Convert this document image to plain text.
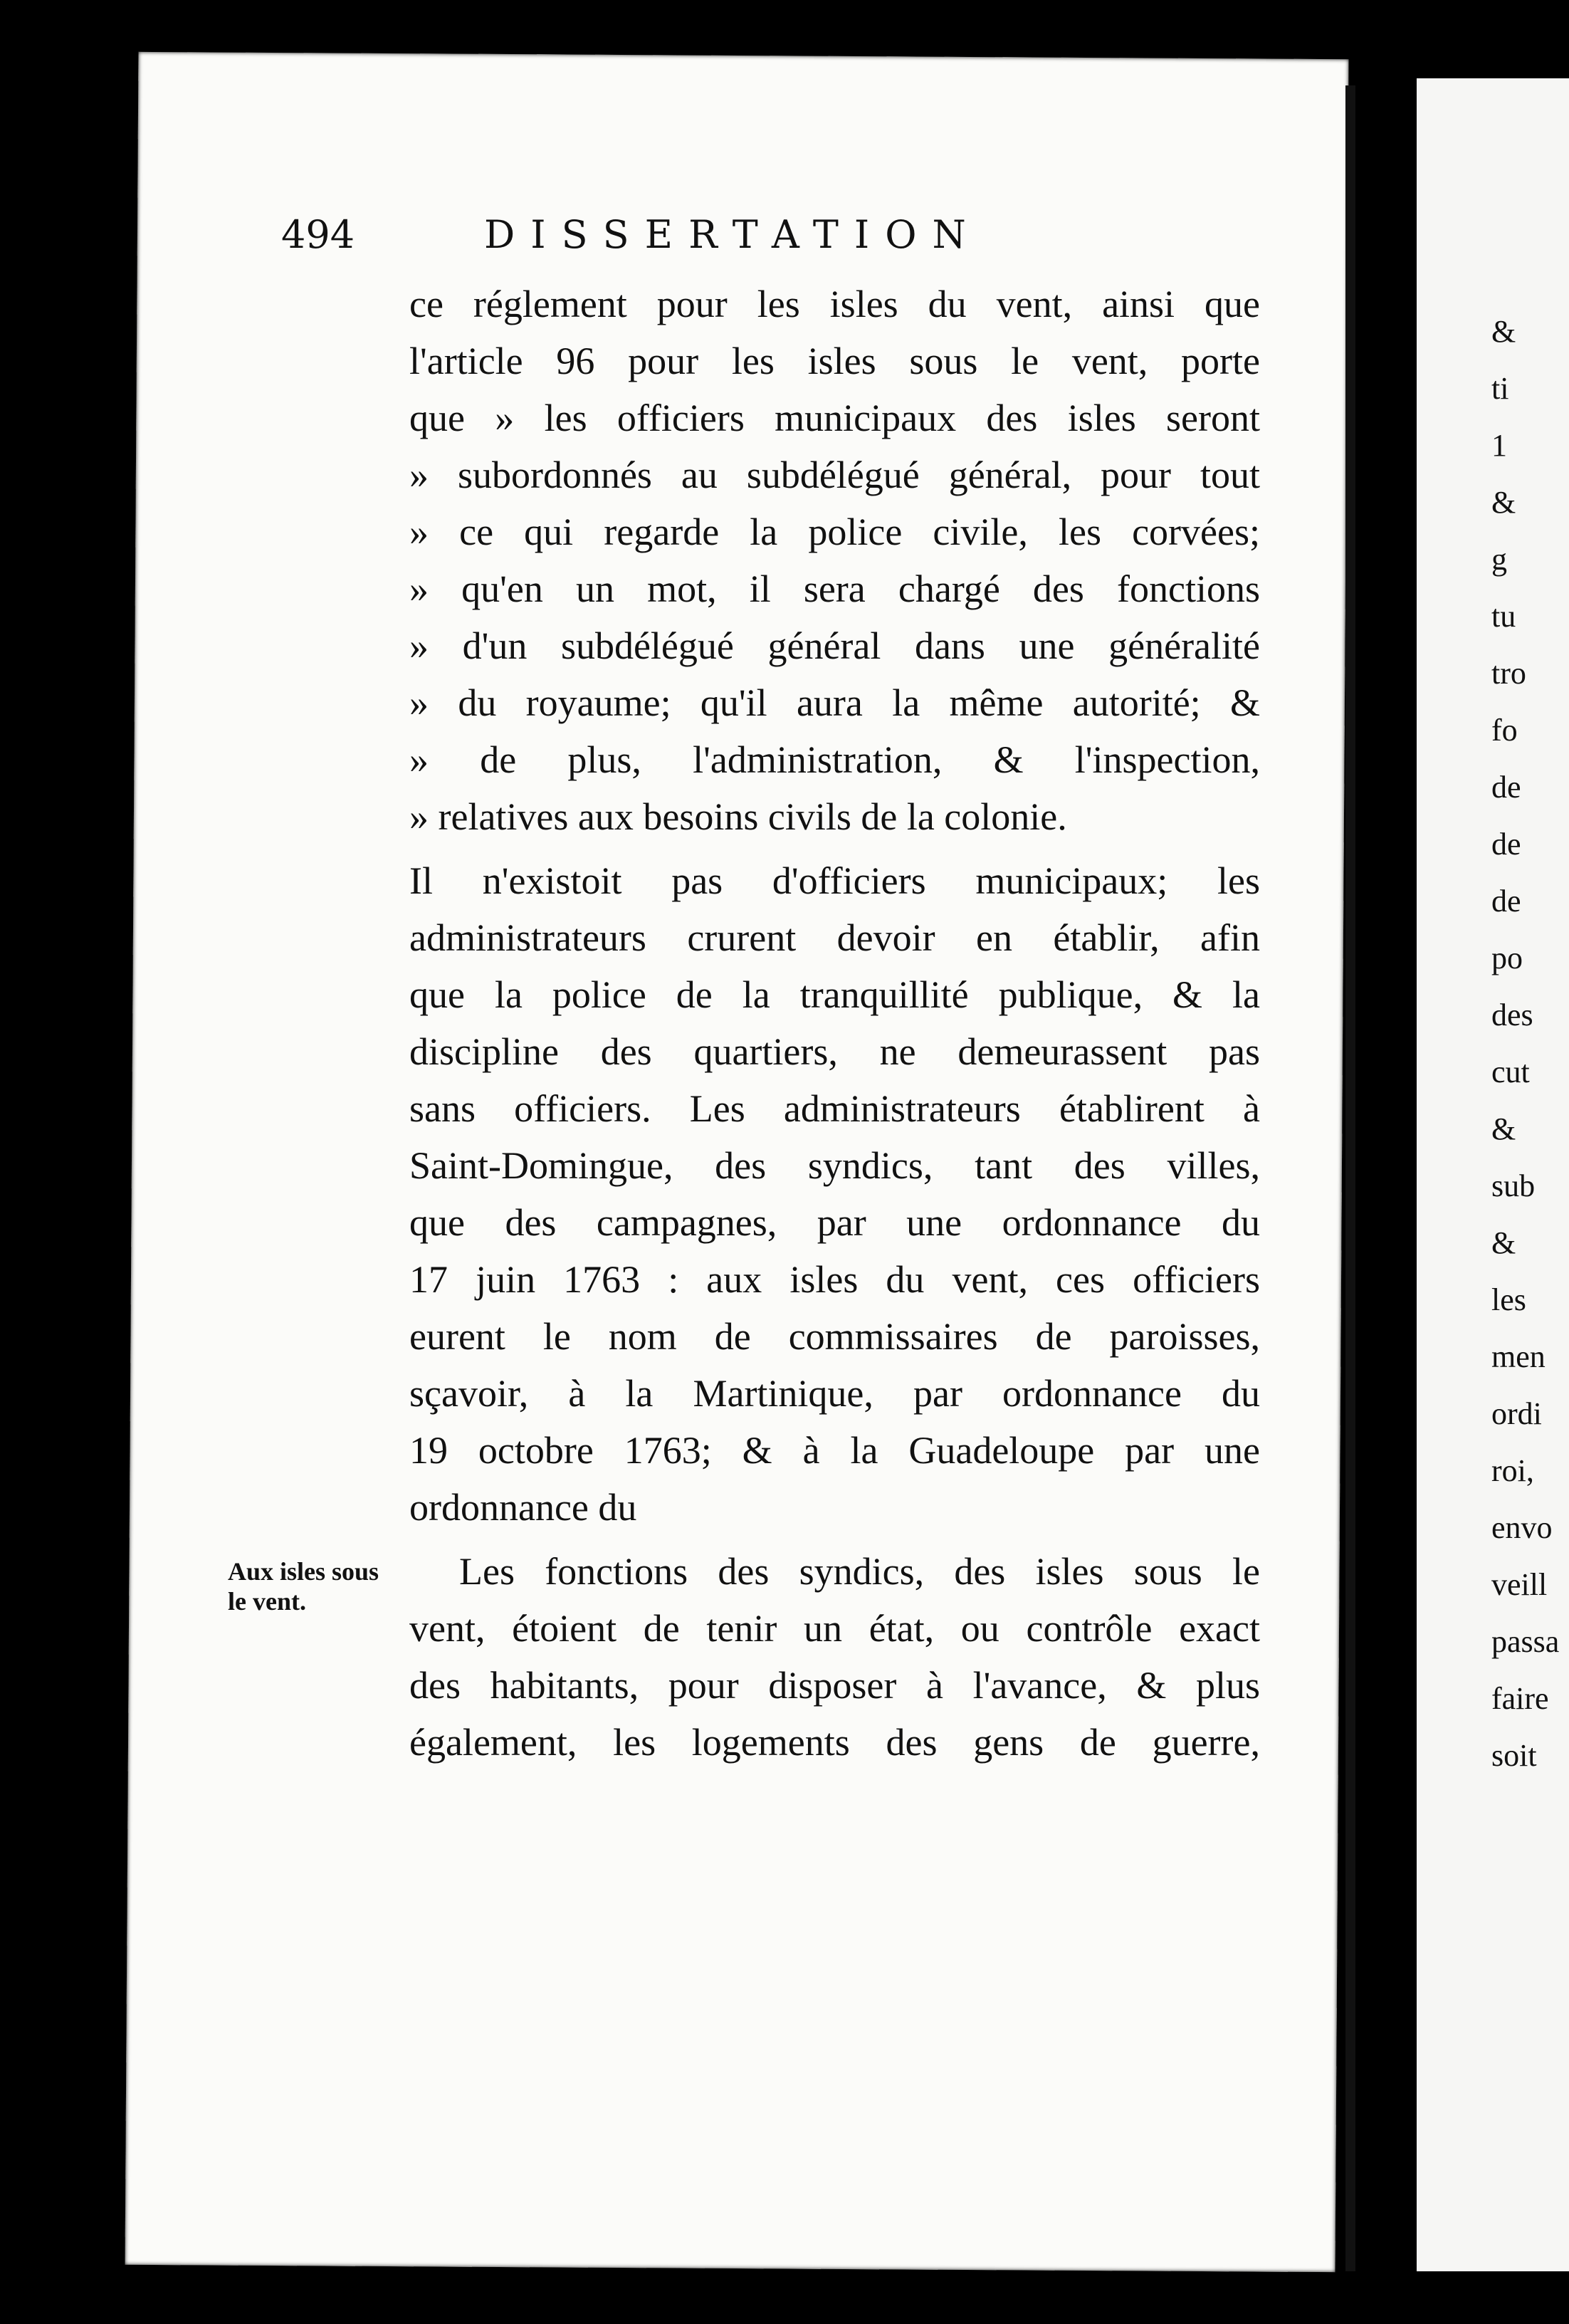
&
ti
1
&
g
tu
tro
fo
de
de
de
po
des
cut
&
sub
&
les
men
ordi
roi,
envo
veill
passa
faire
soit
494	DISSERTATION
ce réglement pour les isles du vent, ainsi que
l'article 96 pour les isles sous le vent, porte
que » les officiers municipaux des isles seront
» subordonnés au subdélégué général, pour tout
» ce qui regarde la police civile, les corvées;
» qu'en un mot, il sera chargé des fonctions
» d'un subdélégué général dans une généralité
» du royaume; qu'il aura la même autorité; &
» de plus, l'administration, & l'inspection,
» relatives aux besoins civils de la colonie.
Il n'existoit pas d'officiers municipaux; les
administrateurs crurent devoir en établir, afin
que la police de la tranquillité publique, & la
discipline des quartiers, ne demeurassent pas
sans officiers. Les administrateurs établirent à
Saint-Domingue, des syndics, tant des villes,
que des campagnes, par une ordonnance du
17 juin 1763 : aux isles du vent, ces officiers
eurent le nom de commissaires de paroisses,
sçavoir, à la Martinique, par ordonnance du
19 octobre 1763; & à la Guadeloupe par une
ordonnance du
Aux isles sous
le vent.
Les fonctions des syndics, des isles sous le
vent, étoient de tenir un état, ou contrôle exact
des habitants, pour disposer à l'avance, & plus
également, les logements des gens de guerre,
